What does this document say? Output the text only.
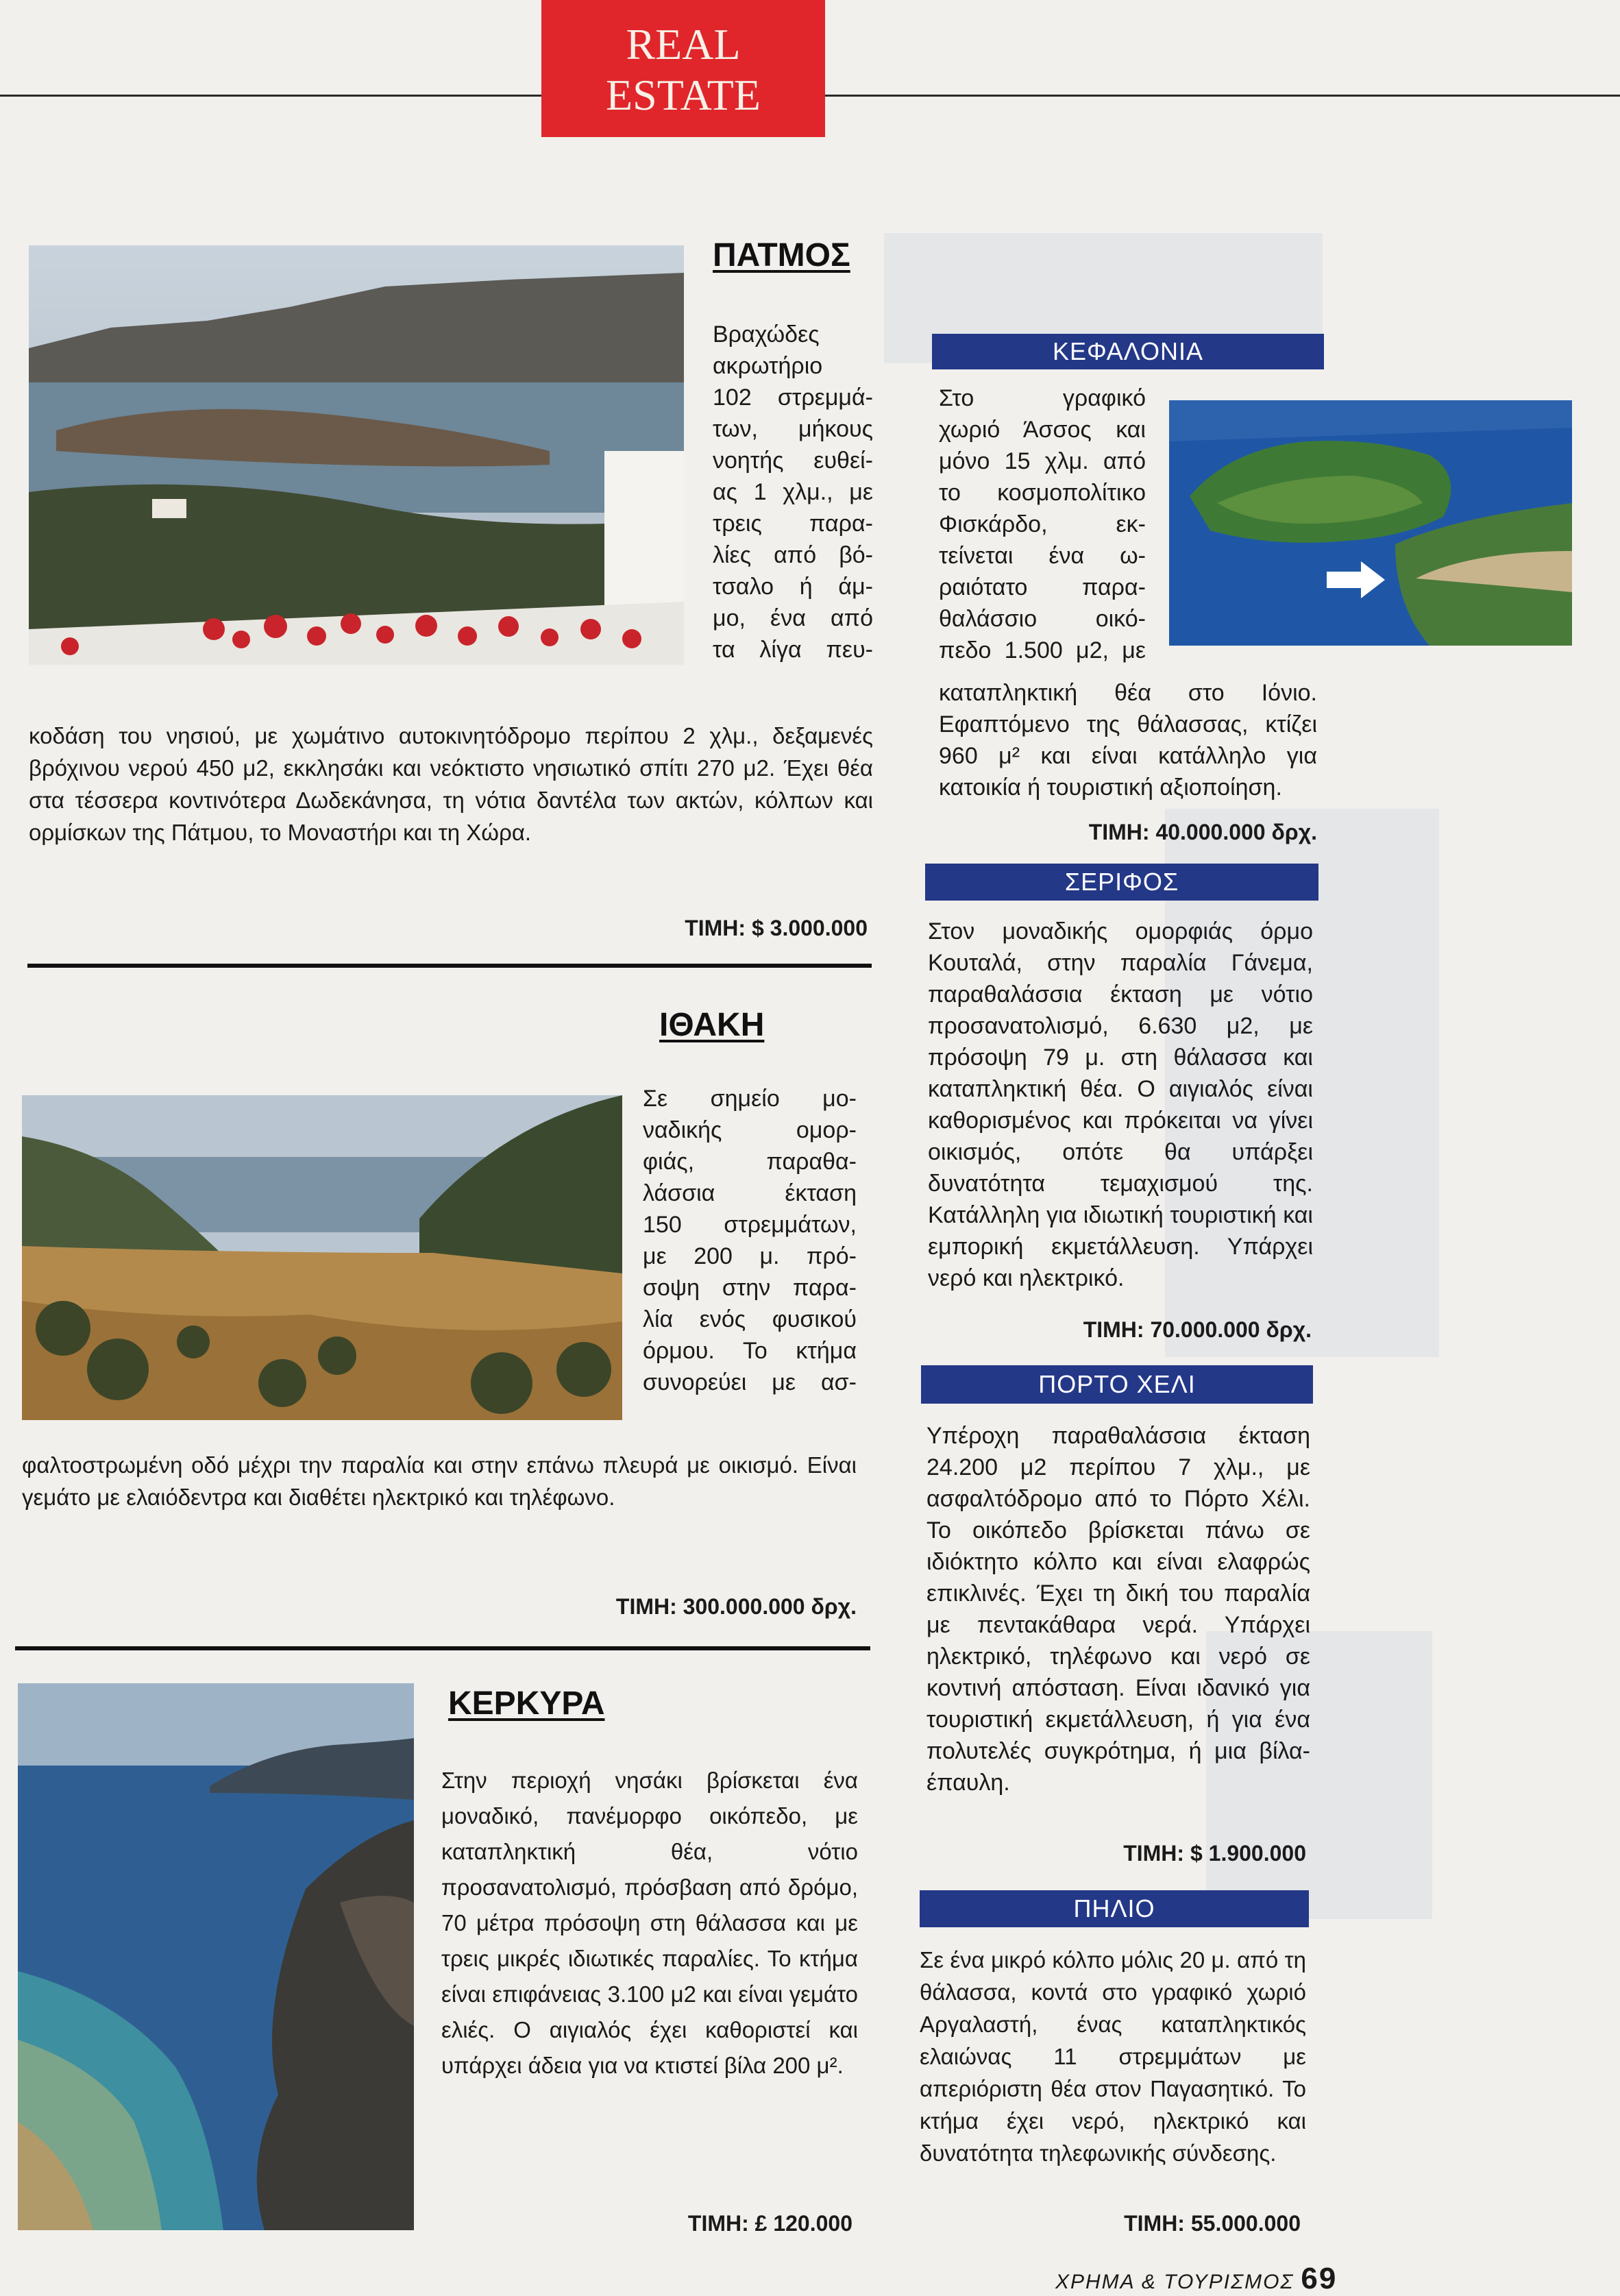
REAL
ESTATE
ΠΑΤΜΟΣ
Βραχώδες
ακρωτήριο
102 στρεμμά-
των, μήκους
νοητής ευθεί-
ας 1 χλμ., με
τρεις παρα-
λίες από βό-
τσαλο ή άμ-
μο, ένα από
τα λίγα πευ-

κοδάση του νησιού, με χωμάτινο αυτοκινητόδρομο περίπου 2 χλμ., δεξαμενές βρόχινου νερού 450 μ2, εκκλησάκι και νεόκτιστο νησιωτικό σπίτι 270 μ2. Έχει θέα στα τέσσερα κοντινότερα Δωδεκάνησα, τη νότια δαντέλα των ακτών, κόλπων και ορμίσκων της Πάτμου, το Μοναστήρι και τη Χώρα.

ΤΙΜΗ: $ 3.000.000
ΙΘΑΚΗ
Σε σημείο μο-
ναδικής ομορ-
φιάς, παραθα-
λάσσια έκταση
150 στρεμμάτων,
με 200 μ. πρό-
σοψη στην παρα-
λία ενός φυσικού
όρμου. Το κτήμα
συνορεύει με ασ-

φαλτοστρωμένη οδό μέχρι την παραλία και στην επάνω πλευρά με οικισμό. Είναι γεμάτο με ελαιόδεντρα και διαθέτει ηλεκτρικό και τηλέφωνο.

ΤΙΜΗ: 300.000.000 δρχ.
ΚΕΡΚΥΡΑ

Στην περιοχή νησάκι βρίσκεται ένα μοναδικό, πανέμορφο οικόπεδο, με καταπληκτική θέα, νότιο προσανατολισμό, πρόσβαση από δρόμο, 70 μέτρα πρόσοψη στη θάλασσα και με τρεις μικρές ιδιωτικές παραλίες. Το κτήμα είναι επιφάνειας 3.100 μ2 και είναι γεμάτο ελιές. Ο αιγιαλός έχει καθοριστεί και υπάρχει άδεια για να κτιστεί βίλα 200 μ².

ΤΙΜΗ: £ 120.000
ΚΕΦΑΛΟΝΙΑ
Στο γραφικό
χωριό Άσσος και
μόνο 15 χλμ. από
το κοσμοπολίτικο
Φισκάρδο, εκ-
τείνεται ένα ω-
ραιότατο παρα-
θαλάσσιο οικό-
πεδο 1.500 μ2, με

καταπληκτική θέα στο Ιόνιο. Εφαπτόμενο της θάλασσας, κτίζει 960 μ² και είναι κατάλληλο για κατοικία ή τουριστική αξιοποίηση.

ΤΙΜΗ: 40.000.000 δρχ.
ΣΕΡΙΦΟΣ

Στον μοναδικής ομορφιάς όρμο Κουταλά, στην παραλία Γάνεμα, παραθαλάσσια έκταση με νότιο προσανατολισμό, 6.630 μ2, με πρόσοψη 79 μ. στη θάλασσα και καταπληκτική θέα. Ο αιγιαλός είναι καθορισμένος και πρόκειται να γίνει οικισμός, οπότε θα υπάρξει δυνατότητα τεμαχισμού της. Κατάλληλη για ιδιωτική τουριστική και εμπορική εκμετάλλευση. Υπάρχει νερό και ηλεκτρικό.

ΤΙΜΗ: 70.000.000 δρχ.
ΠΟΡΤΟ ΧΕΛΙ

Υπέροχη παραθαλάσσια έκταση 24.200 μ2 περίπου 7 χλμ., με ασφαλτόδρομο από το Πόρτο Χέλι. Το οικόπεδο βρίσκεται πάνω σε ιδιόκτητο κόλπο και είναι ελαφρώς επικλινές. Έχει τη δική του παραλία με πεντακάθαρα νερά. Υπάρχει ηλεκτρικό, τηλέφωνο και νερό σε κοντινή απόσταση. Είναι ιδανικό για τουριστική εκμετάλλευση, ή για ένα πολυτελές συγκρότημα, ή μια βίλα-έπαυλη.

ΤΙΜΗ: $ 1.900.000
ΠΗΛΙΟ

Σε ένα μικρό κόλπο μόλις 20 μ. από τη θάλασσα, κοντά στο γραφικό χωριό Αργαλαστή, ένας καταπληκτικός ελαιώνας 11 στρεμμάτων με απεριόριστη θέα στον Παγασητικό. Το κτήμα έχει νερό, ηλεκτρικό και δυνατότητα τηλεφωνικής σύνδεσης.

ΤΙΜΗ: 55.000.000
ΧΡΗΜΑ & ΤΟΥΡΙΣΜΟΣ 69
